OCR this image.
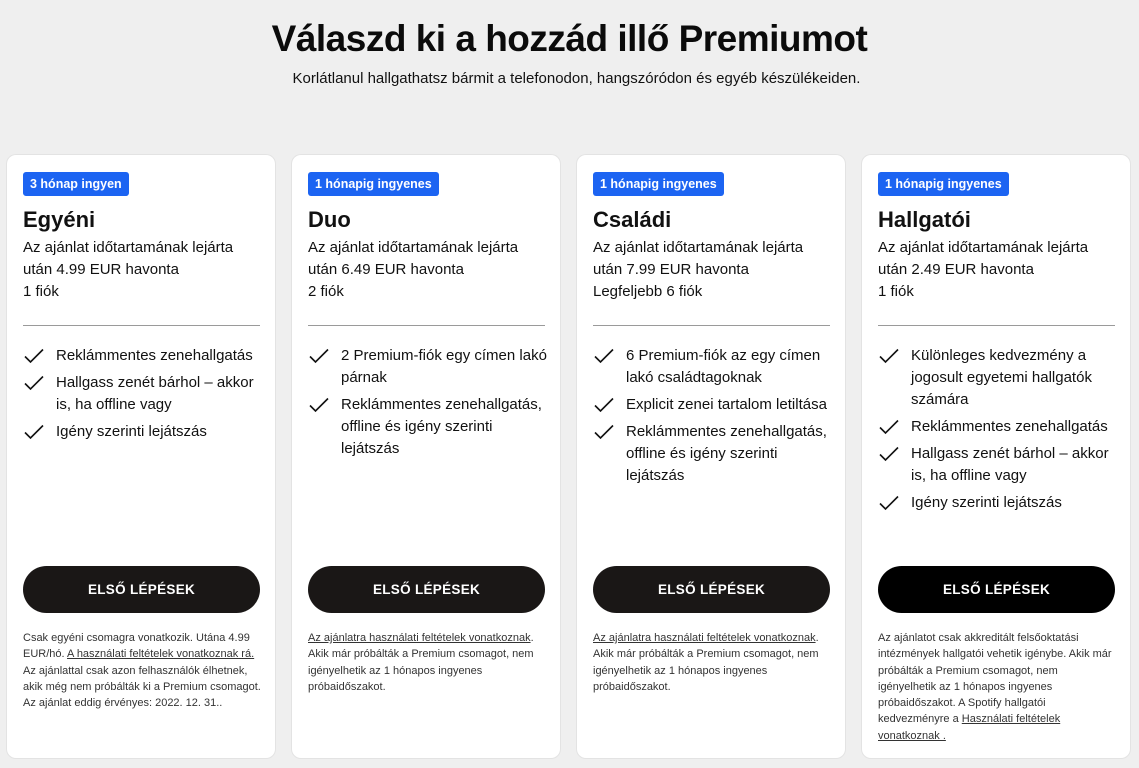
Válaszd ki a hozzád illő Premiumot

Korlátlanul hallgathatsz bármit a telefonodon, hangszóródon és egyéb készülékeiden.

3 hónap ingyen
Egyéni
Az ajánlat időtartamának lejárta
után 4.99 EUR havonta
1 fiók
Reklámmentes zenehallgatás
Hallgass zenét bárhol – akkor is, ha offline vagy
Igény szerinti lejátszás
ELSŐ LÉPÉSEK
Csak egyéni csomagra vonatkozik. Utána 4.99 EUR/hó. A használati feltételek vonatkoznak rá. Az ajánlattal csak azon felhasználók élhetnek, akik még nem próbálták ki a Premium csomagot. Az ajánlat eddig érvényes: 2022. 12. 31..
1 hónapig ingyenes
Duo
Az ajánlat időtartamának lejárta
után 6.49 EUR havonta
2 fiók
2 Premium-fiók egy címen lakó párnak
Reklámmentes zenehallgatás, offline és igény szerinti lejátszás
ELSŐ LÉPÉSEK
Az ajánlatra használati feltételek vonatkoznak. Akik már próbálták a Premium csomagot, nem igényelhetik az 1 hónapos ingyenes próbaidőszakot.
1 hónapig ingyenes
Családi
Az ajánlat időtartamának lejárta
után 7.99 EUR havonta
Legfeljebb 6 fiók
6 Premium-fiók az egy címen lakó családtagoknak
Explicit zenei tartalom letiltása
Reklámmentes zenehallgatás, offline és igény szerinti lejátszás
ELSŐ LÉPÉSEK
Az ajánlatra használati feltételek vonatkoznak. Akik már próbálták a Premium csomagot, nem igényelhetik az 1 hónapos ingyenes próbaidőszakot.
1 hónapig ingyenes
Hallgatói
Az ajánlat időtartamának lejárta
után 2.49 EUR havonta
1 fiók
Különleges kedvezmény a jogosult egyetemi hallgatók számára
Reklámmentes zenehallgatás
Hallgass zenét bárhol – akkor is, ha offline vagy
Igény szerinti lejátszás
ELSŐ LÉPÉSEK
Az ajánlatot csak akkreditált felsőoktatási intézmények hallgatói vehetik igénybe. Akik már próbálták a Premium csomagot, nem igényelhetik az 1 hónapos ingyenes próbaidőszakot. A Spotify hallgatói kedvezményre a Használati feltételek vonatkoznak .
